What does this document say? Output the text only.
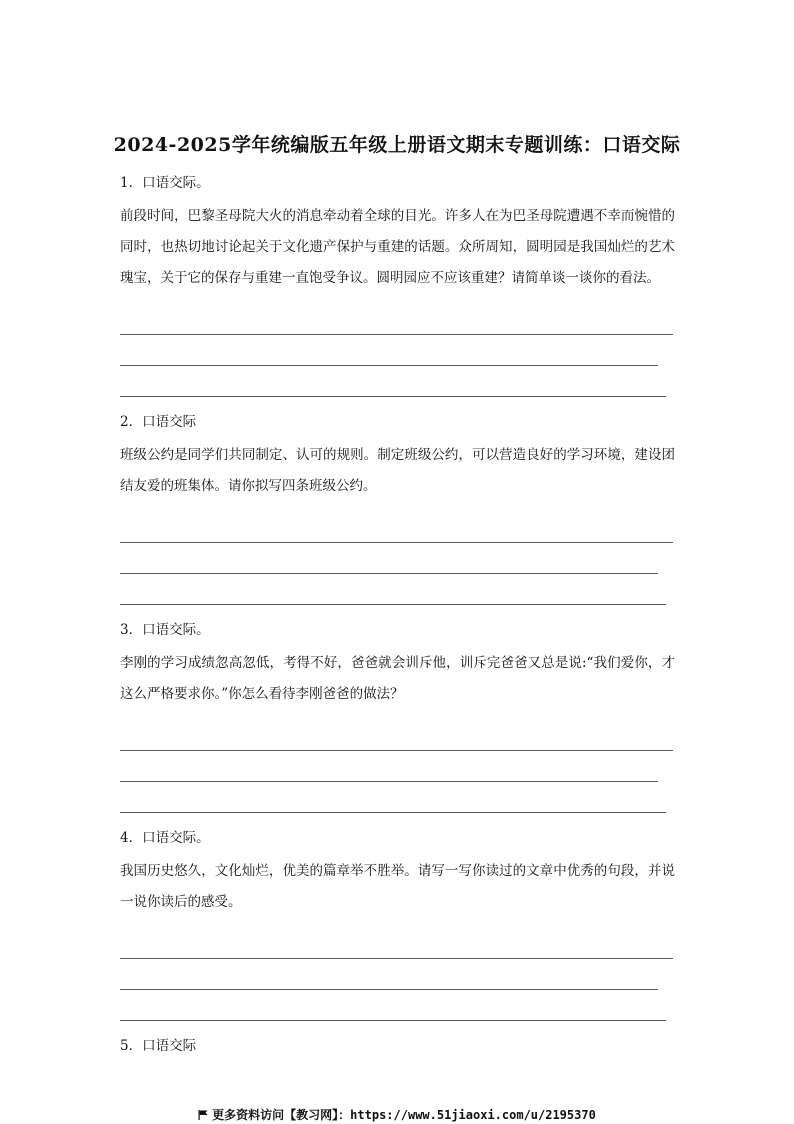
2024-2025学年统编版五年级上册语文期末专题训练：口语交际

1．口语交际。

前段时间，巴黎圣母院大火的消息牵动着全球的目光。许多人在为巴圣母院遭遇不幸而惋惜的同时，也热切地讨论起关于文化遗产保护与重建的话题。众所周知，圆明园是我国灿烂的艺术瑰宝，关于它的保存与重建一直饱受争议。圆明园应不应该重建？请简单谈一谈你的看法。

2．口语交际

班级公约是同学们共同制定、认可的规则。制定班级公约，可以营造良好的学习环境，建设团结友爱的班集体。请你拟写四条班级公约。

3．口语交际。

李刚的学习成绩忽高忽低，考得不好，爸爸就会训斥他，训斥完爸爸又总是说:“我们爱你，才这么严格要求你。”你怎么看待李刚爸爸的做法？

4．口语交际。

我国历史悠久，文化灿烂，优美的篇章举不胜举。请写一写你读过的文章中优秀的句段，并说一说你读后的感受。

5．口语交际

更多资料访问【教习网】：https://www.51jiaoxi.com/u/2195370
